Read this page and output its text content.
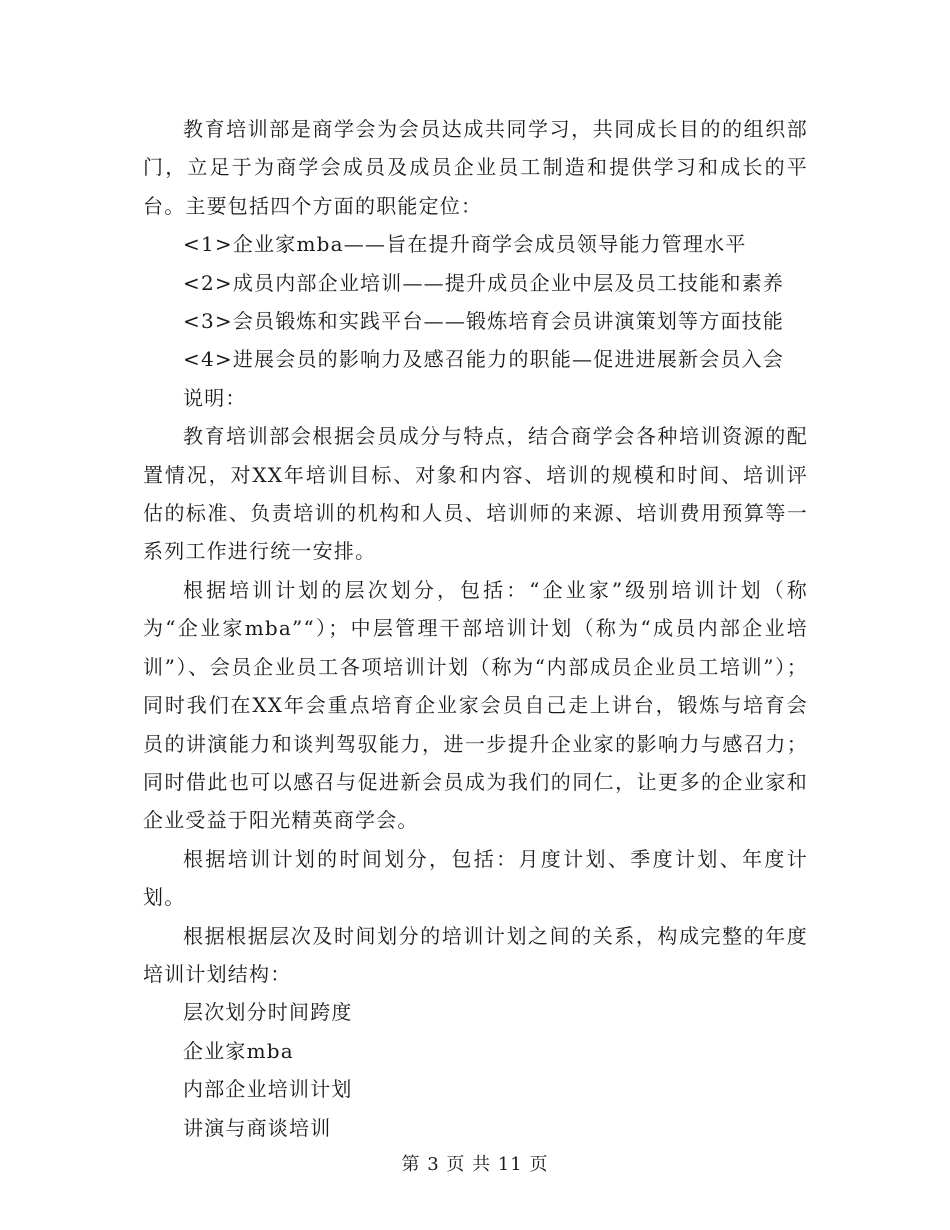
教育培训部是商学会为会员达成共同学习，共同成长目的的组织部门，立足于为商学会成员及成员企业员工制造和提供学习和成长的平台。主要包括四个方面的职能定位：

<1>企业家mba——旨在提升商学会成员领导能力管理水平

<2>成员内部企业培训——提升成员企业中层及员工技能和素养

<3>会员锻炼和实践平台——锻炼培育会员讲演策划等方面技能

<4>进展会员的影响力及感召能力的职能—促进进展新会员入会

说明：

教育培训部会根据会员成分与特点，结合商学会各种培训资源的配置情况，对XX年培训目标、对象和内容、培训的规模和时间、培训评估的标准、负责培训的机构和人员、培训师的来源、培训费用预算等一系列工作进行统一安排。

根据培训计划的层次划分，包括：“企业家”级别培训计划（称为“企业家mba”“）；中层管理干部培训计划（称为“成员内部企业培训”）、会员企业员工各项培训计划（称为“内部成员企业员工培训”）；同时我们在XX年会重点培育企业家会员自己走上讲台，锻炼与培育会员的讲演能力和谈判驾驭能力，进一步提升企业家的影响力与感召力；同时借此也可以感召与促进新会员成为我们的同仁，让更多的企业家和企业受益于阳光精英商学会。

根据培训计划的时间划分，包括：月度计划、季度计划、年度计划。

根据根据层次及时间划分的培训计划之间的关系，构成完整的年度培训计划结构：

层次划分时间跨度

企业家mba

内部企业培训计划

讲演与商谈培训

第 3 页 共 11 页
